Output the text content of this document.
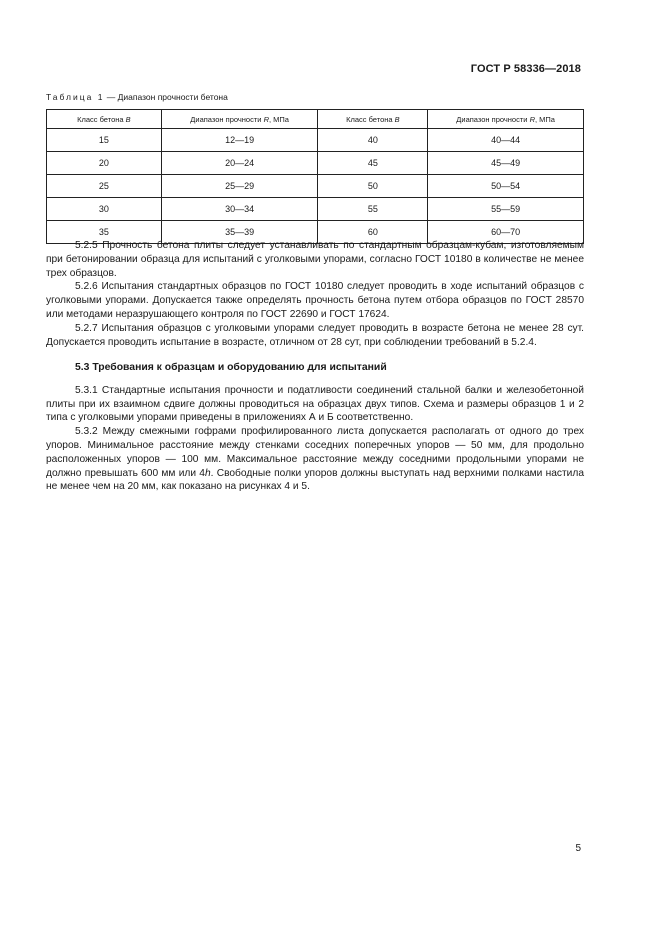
ГОСТ Р 58336—2018
Таблица 1 — Диапазон прочности бетона
Класс бетона B	Диапазон прочности R, МПа	Класс бетона B	Диапазон прочности R, МПа
15	12—19	40	40—44
20	20—24	45	45—49
25	25—29	50	50—54
30	30—34	55	55—59
35	35—39	60	60—70

5.2.5 Прочность бетона плиты следует устанавливать по стандартным образцам-кубам, изготовляемым при бетонировании образца для испытаний с уголковыми упорами, согласно ГОСТ 10180 в количестве не менее трех образцов.

5.2.6 Испытания стандартных образцов по ГОСТ 10180 следует проводить в ходе испытаний образцов с уголковыми упорами. Допускается также определять прочность бетона путем отбора образцов по ГОСТ 28570 или методами неразрушающего контроля по ГОСТ 22690 и ГОСТ 17624.

5.2.7 Испытания образцов с уголковыми упорами следует проводить в возрасте бетона не менее 28 сут. Допускается проводить испытание в возрасте, отличном от 28 сут, при соблюдении требований в 5.2.4.

5.3 Требования к образцам и оборудованию для испытаний

5.3.1 Стандартные испытания прочности и податливости соединений стальной балки и железобетонной плиты при их взаимном сдвиге должны проводиться на образцах двух типов. Схема и размеры образцов 1 и 2 типа с уголковыми упорами приведены в приложениях А и Б соответственно.

5.3.2 Между смежными гофрами профилированного листа допускается располагать от одного до трех упоров. Минимальное расстояние между стенками соседних поперечных упоров — 50 мм, для продольно расположенных упоров — 100 мм. Максимальное расстояние между соседними продольными упорами не должно превышать 600 мм или 4h. Свободные полки упоров должны выступать над верхними полками настила не менее чем на 20 мм, как показано на рисунках 4 и 5.

5
